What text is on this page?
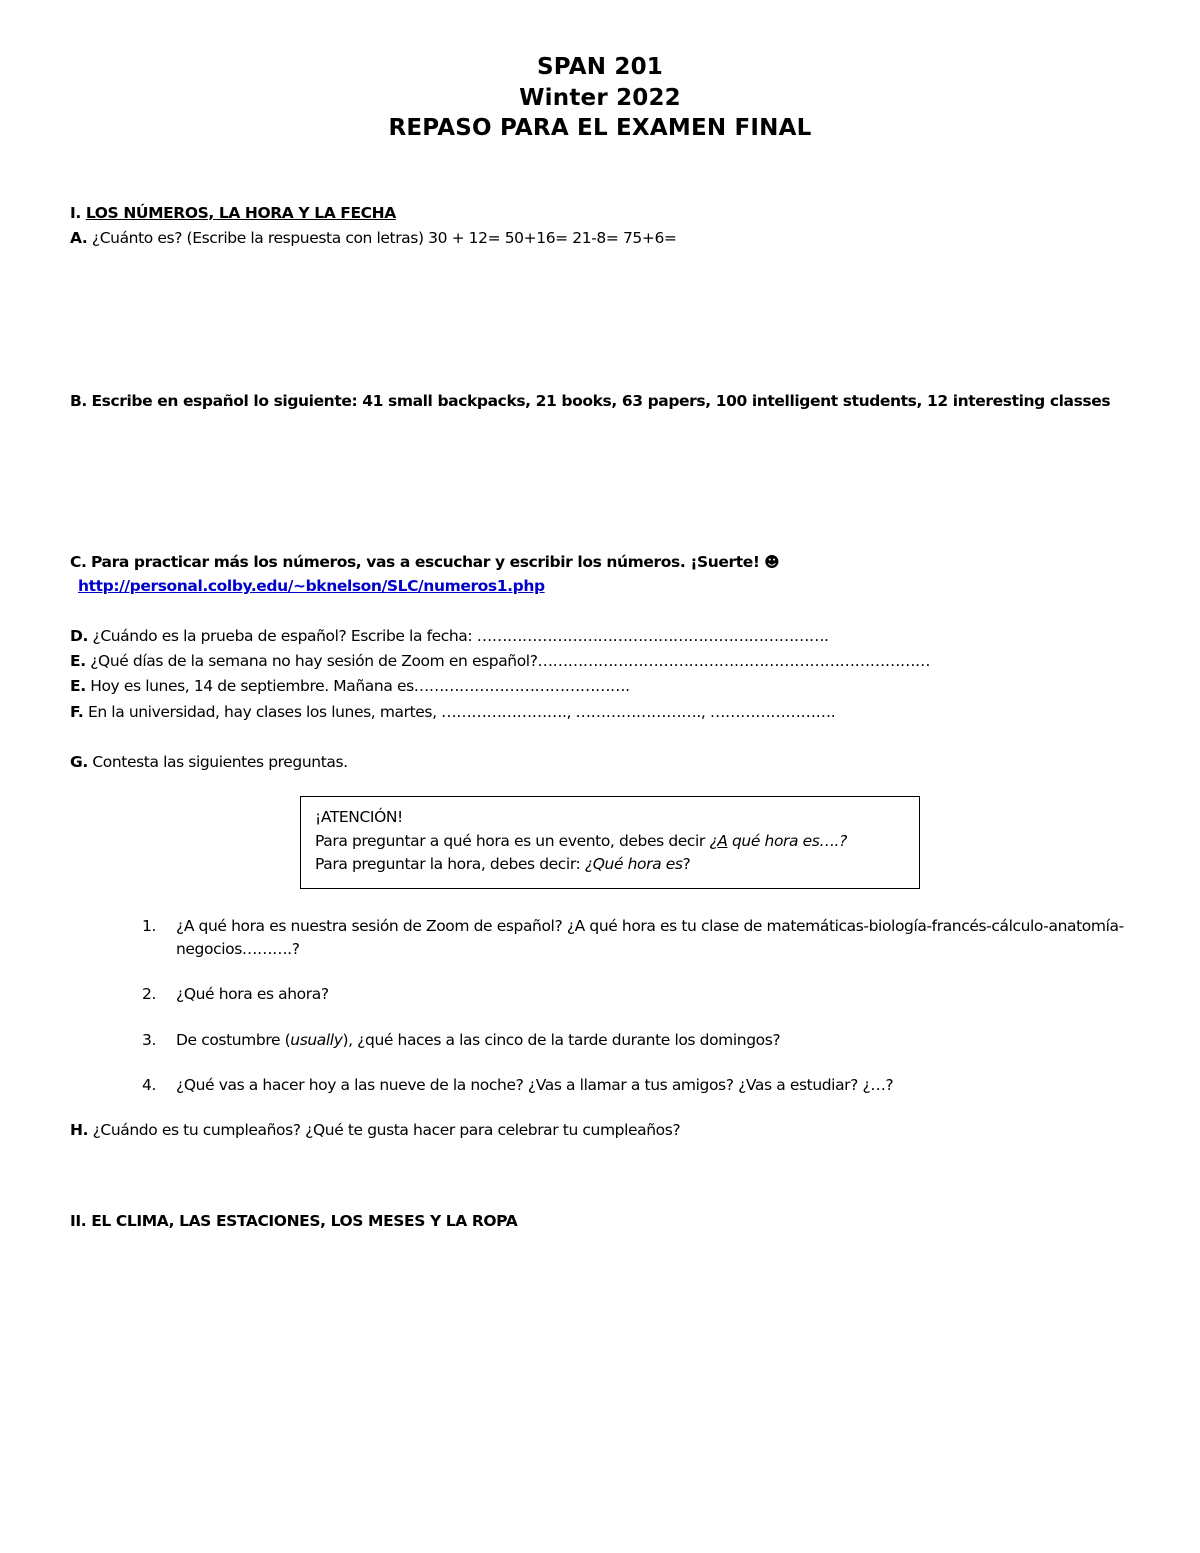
SPAN 201
Winter 2022
REPASO PARA EL EXAMEN FINAL
I. LOS NÚMEROS, LA HORA Y LA FECHA
A. ¿Cuánto es? (Escribe la respuesta con letras) 30 + 12= 50+16= 21-8= 75+6=
B. Escribe en español lo siguiente: 41 small backpacks, 21 books, 63 papers, 100 intelligent students, 12 interesting classes
C. Para practicar más los números, vas a escuchar y escribir los números. ¡Suerte! ☻
http://personal.colby.edu/~bknelson/SLC/numeros1.php
D. ¿Cuándo es la prueba de español? Escribe la fecha: …………………………………………………………….
E. ¿Qué días de la semana no hay sesión de Zoom en español?……………………………………………………………………
E. Hoy es lunes, 14 de septiembre. Mañana es…………………………………….
F. En la universidad, hay clases los lunes, martes, ……………………., ……………………., …………………….
G. Contesta las siguientes preguntas.
¡ATENCIÓN!
Para preguntar a qué hora es un evento, debes decir ¿A qué hora es….?
Para preguntar la hora, debes decir: ¿Qué hora es?
¿A qué hora es nuestra sesión de Zoom de español? ¿A qué hora es tu clase de matemáticas-biología-francés-cálculo-anatomía-negocios……….?
¿Qué hora es ahora?
De costumbre (usually), ¿qué haces a las cinco de la tarde durante los domingos?
¿Qué vas a hacer hoy a las nueve de la noche? ¿Vas a llamar a tus amigos? ¿Vas a estudiar? ¿…?
H. ¿Cuándo es tu cumpleaños? ¿Qué te gusta hacer para celebrar tu cumpleaños?
II. EL CLIMA, LAS ESTACIONES, LOS MESES Y LA ROPA
